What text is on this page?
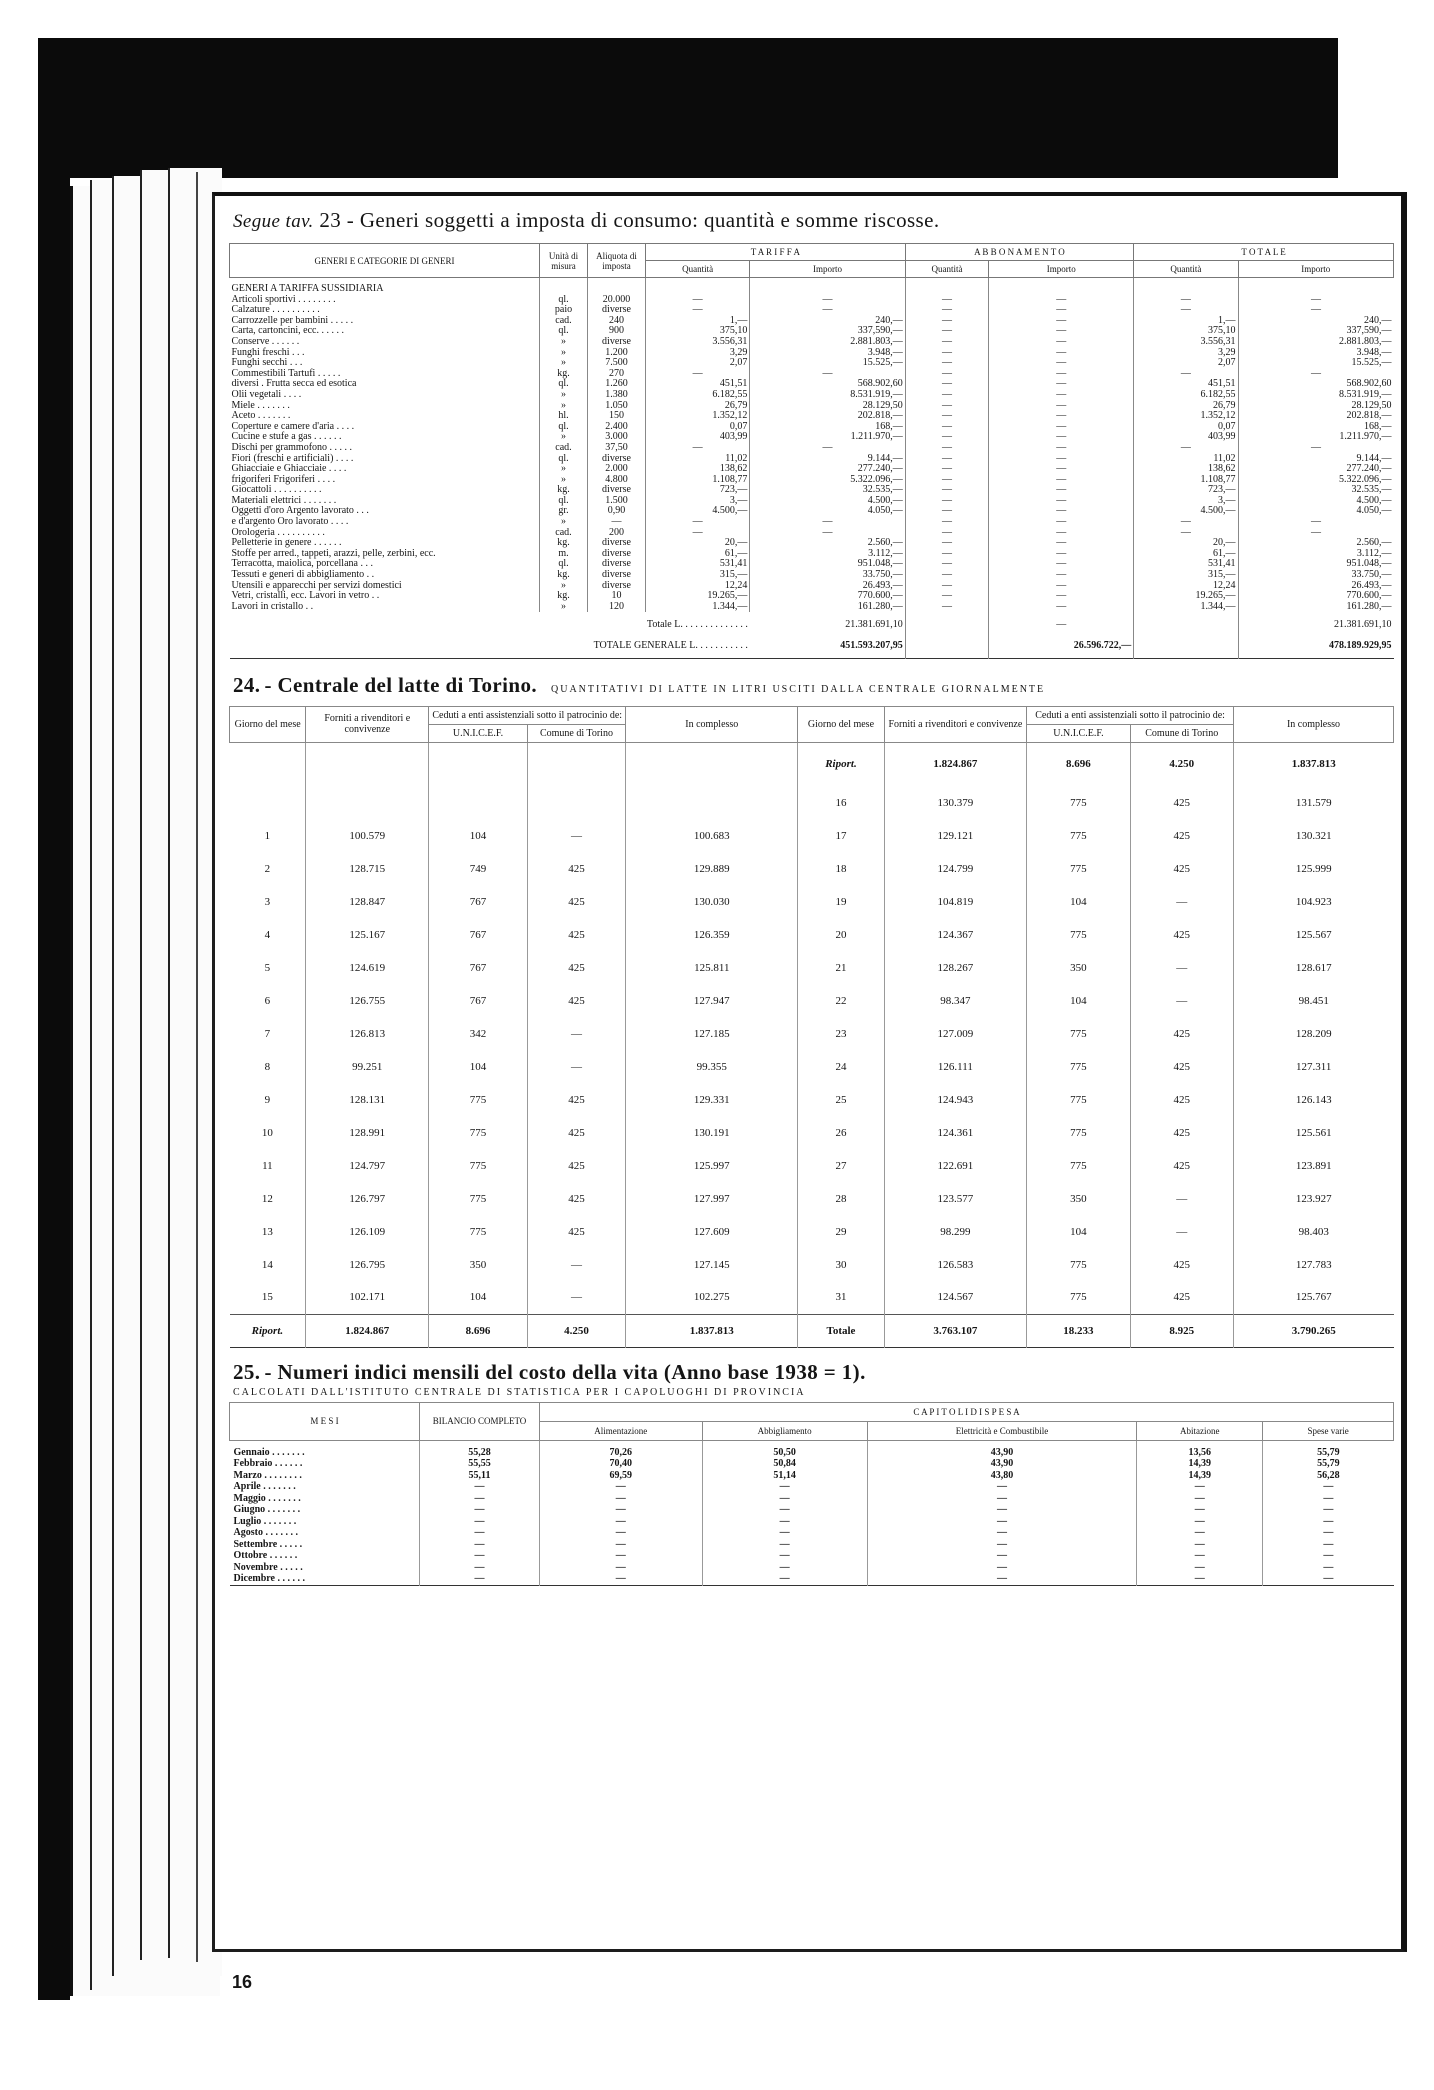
Segue tav. 23 - Generi soggetti a imposta di consumo: quantità e somme riscosse.
GENERI E CATEGORIE DI GENERI	Unità di misura	Aliquota di imposta	T A R I F F A		A B B O N A M E N T O		T O T A L E	
			Quantità	Importo	Quantità	Importo	Quantità	Importo
GENERI A TARIFFA SUSSIDIARIA								
Articoli sportivi . . . . . . . .	ql.	20.000	—	—	—	—	—	—
Calzature . . . . . . . . . .	paio	diverse	—	—	—	—	—	—
Carrozzelle per bambini . . . . .	cad.	240	1,—	240,—	—	—	1,—	240,—
Carta, cartoncini, ecc. . . . . .	ql.	900	375,10	337,590,—	—	—	375,10	337,590,—
Conserve . . . . . .	»	diverse	3.556,31	2.881.803,—	—	—	3.556,31	2.881.803,—
Funghi freschi . . .	»	1.200	3,29	3.948,—	—	—	3,29	3.948,—
Funghi secchi . . .	»	7.500	2,07	15.525,—	—	—	2,07	15.525,—
Commestibili Tartufi . . . . .	kg.	270	—	—	—	—	—	—
diversi . Frutta secca ed esotica	ql.	1.260	451,51	568.902,60	—	—	451,51	568.902,60
Olii vegetali . . . .	»	1.380	6.182,55	8.531.919,—	—	—	6.182,55	8.531.919,—
Miele . . . . . . .	»	1.050	26,79	28.129,50	—	—	26,79	28.129,50
Aceto . . . . . . .	hl.	150	1.352,12	202.818,—	—	—	1.352,12	202.818,—
Coperture e camere d'aria . . . .	ql.	2.400	0,07	168,—	—	—	0,07	168,—
Cucine e stufe a gas . . . . . .	»	3.000	403,99	1.211.970,—	—	—	403,99	1.211.970,—
Dischi per grammofono . . . . .	cad.	37,50	—	—	—	—	—	—
Fiori (freschi e artificiali) . . . .	ql.	diverse	11,02	9.144,—	—	—	11,02	9.144,—
Ghiacciaie e Ghiacciaie . . . .	»	2.000	138,62	277.240,—	—	—	138,62	277.240,—
frigoriferi Frigoriferi . . . .	»	4.800	1.108,77	5.322.096,—	—	—	1.108,77	5.322.096,—
Giocattoli . . . . . . . . . .	kg.	diverse	723,—	32.535,—	—	—	723,—	32.535,—
Materiali elettrici . . . . . . .	ql.	1.500	3,—	4.500,—	—	—	3,—	4.500,—
Oggetti d'oro Argento lavorato . . .	gr.	0,90	4.500,—	4.050,—	—	—	4.500,—	4.050,—
e d'argento Oro lavorato . . . .	»	—	—	—	—	—	—	—
Orologeria . . . . . . . . . .	cad.	200	—	—	—	—	—	—
Pelletterie in genere . . . . . .	kg.	diverse	20,—	2.560,—	—	—	20,—	2.560,—
Stoffe per arred., tappeti, arazzi, pelle, zerbini, ecc.	m.	diverse	61,—	3.112,—	—	—	61,—	3.112,—
Terracotta, maiolica, porcellana . . .	ql.	diverse	531,41	951.048,—	—	—	531,41	951.048,—
Tessuti e generi di abbigliamento . .	kg.	diverse	315,—	33.750,—	—	—	315,—	33.750,—
Utensili e apparecchi per servizi domestici	»	diverse	12,24	26.493,—	—	—	12,24	26.493,—
Vetri, cristalli, ecc. Lavori in vetro . .	kg.	10	19.265,—	770.600,—	—	—	19.265,—	770.600,—
Lavori in cristallo . .	»	120	1.344,—	161.280,—	—	—	1.344,—	161.280,—
Totale L. . . . . . . . . . . . . .				21.381.691,10		—		21.381.691,10
TOTALE GENERALE L. . . . . . . . . . .				451.593.207,95		26.596.722,—		478.189.929,95
24. - Centrale del latte di Torino. QUANTITATIVI DI LATTE IN LITRI USCITI DALLA CENTRALE GIORNALMENTE
Giorno del mese	Forniti a rivenditori e convivenze	Ceduti a enti assistenziali sotto il patrocinio de:		In complesso	Giorno del mese	Forniti a rivenditori e convivenze	Ceduti a enti assistenziali sotto il patrocinio de:		In complesso
		U.N.I.C.E.F.	Comune di Torino				U.N.I.C.E.F.	Comune di Torino	
					Riport.	1.824.867	8.696	4.250	1.837.813
					16	130.379	775	425	131.579
1	100.579	104	—	100.683	17	129.121	775	425	130.321
2	128.715	749	425	129.889	18	124.799	775	425	125.999
3	128.847	767	425	130.030	19	104.819	104	—	104.923
4	125.167	767	425	126.359	20	124.367	775	425	125.567
5	124.619	767	425	125.811	21	128.267	350	—	128.617
6	126.755	767	425	127.947	22	98.347	104	—	98.451
7	126.813	342	—	127.185	23	127.009	775	425	128.209
8	99.251	104	—	99.355	24	126.111	775	425	127.311
9	128.131	775	425	129.331	25	124.943	775	425	126.143
10	128.991	775	425	130.191	26	124.361	775	425	125.561
11	124.797	775	425	125.997	27	122.691	775	425	123.891
12	126.797	775	425	127.997	28	123.577	350	—	123.927
13	126.109	775	425	127.609	29	98.299	104	—	98.403
14	126.795	350	—	127.145	30	126.583	775	425	127.783
15	102.171	104	—	102.275	31	124.567	775	425	125.767
Riport.	1.824.867	8.696	4.250	1.837.813	Totale	3.763.107	18.233	8.925	3.790.265
25. - Numeri indici mensili del costo della vita (Anno base 1938 = 1).
CALCOLATI DALL'ISTITUTO CENTRALE DI STATISTICA PER I CAPOLUOGHI DI PROVINCIA
M E S I	BILANCIO COMPLETO	C A P I T O L I D I S P E S A				
		Alimentazione	Abbigliamento	Elettricità e Combustibile	Abitazione	Spese varie
Gennaio . . . . . . .	55,28	70,26	50,50	43,90	13,56	55,79
Febbraio . . . . . .	55,55	70,40	50,84	43,90	14,39	55,79
Marzo . . . . . . . .	55,11	69,59	51,14	43,80	14,39	56,28
Aprile . . . . . . .	—	—	—	—	—	—
Maggio . . . . . . .	—	—	—	—	—	—
Giugno . . . . . . .	—	—	—	—	—	—
Luglio . . . . . . .	—	—	—	—	—	—
Agosto . . . . . . .	—	—	—	—	—	—
Settembre . . . . .	—	—	—	—	—	—
Ottobre . . . . . .	—	—	—	—	—	—
Novembre . . . . .	—	—	—	—	—	—
Dicembre . . . . . .	—	—	—	—	—	—
16
